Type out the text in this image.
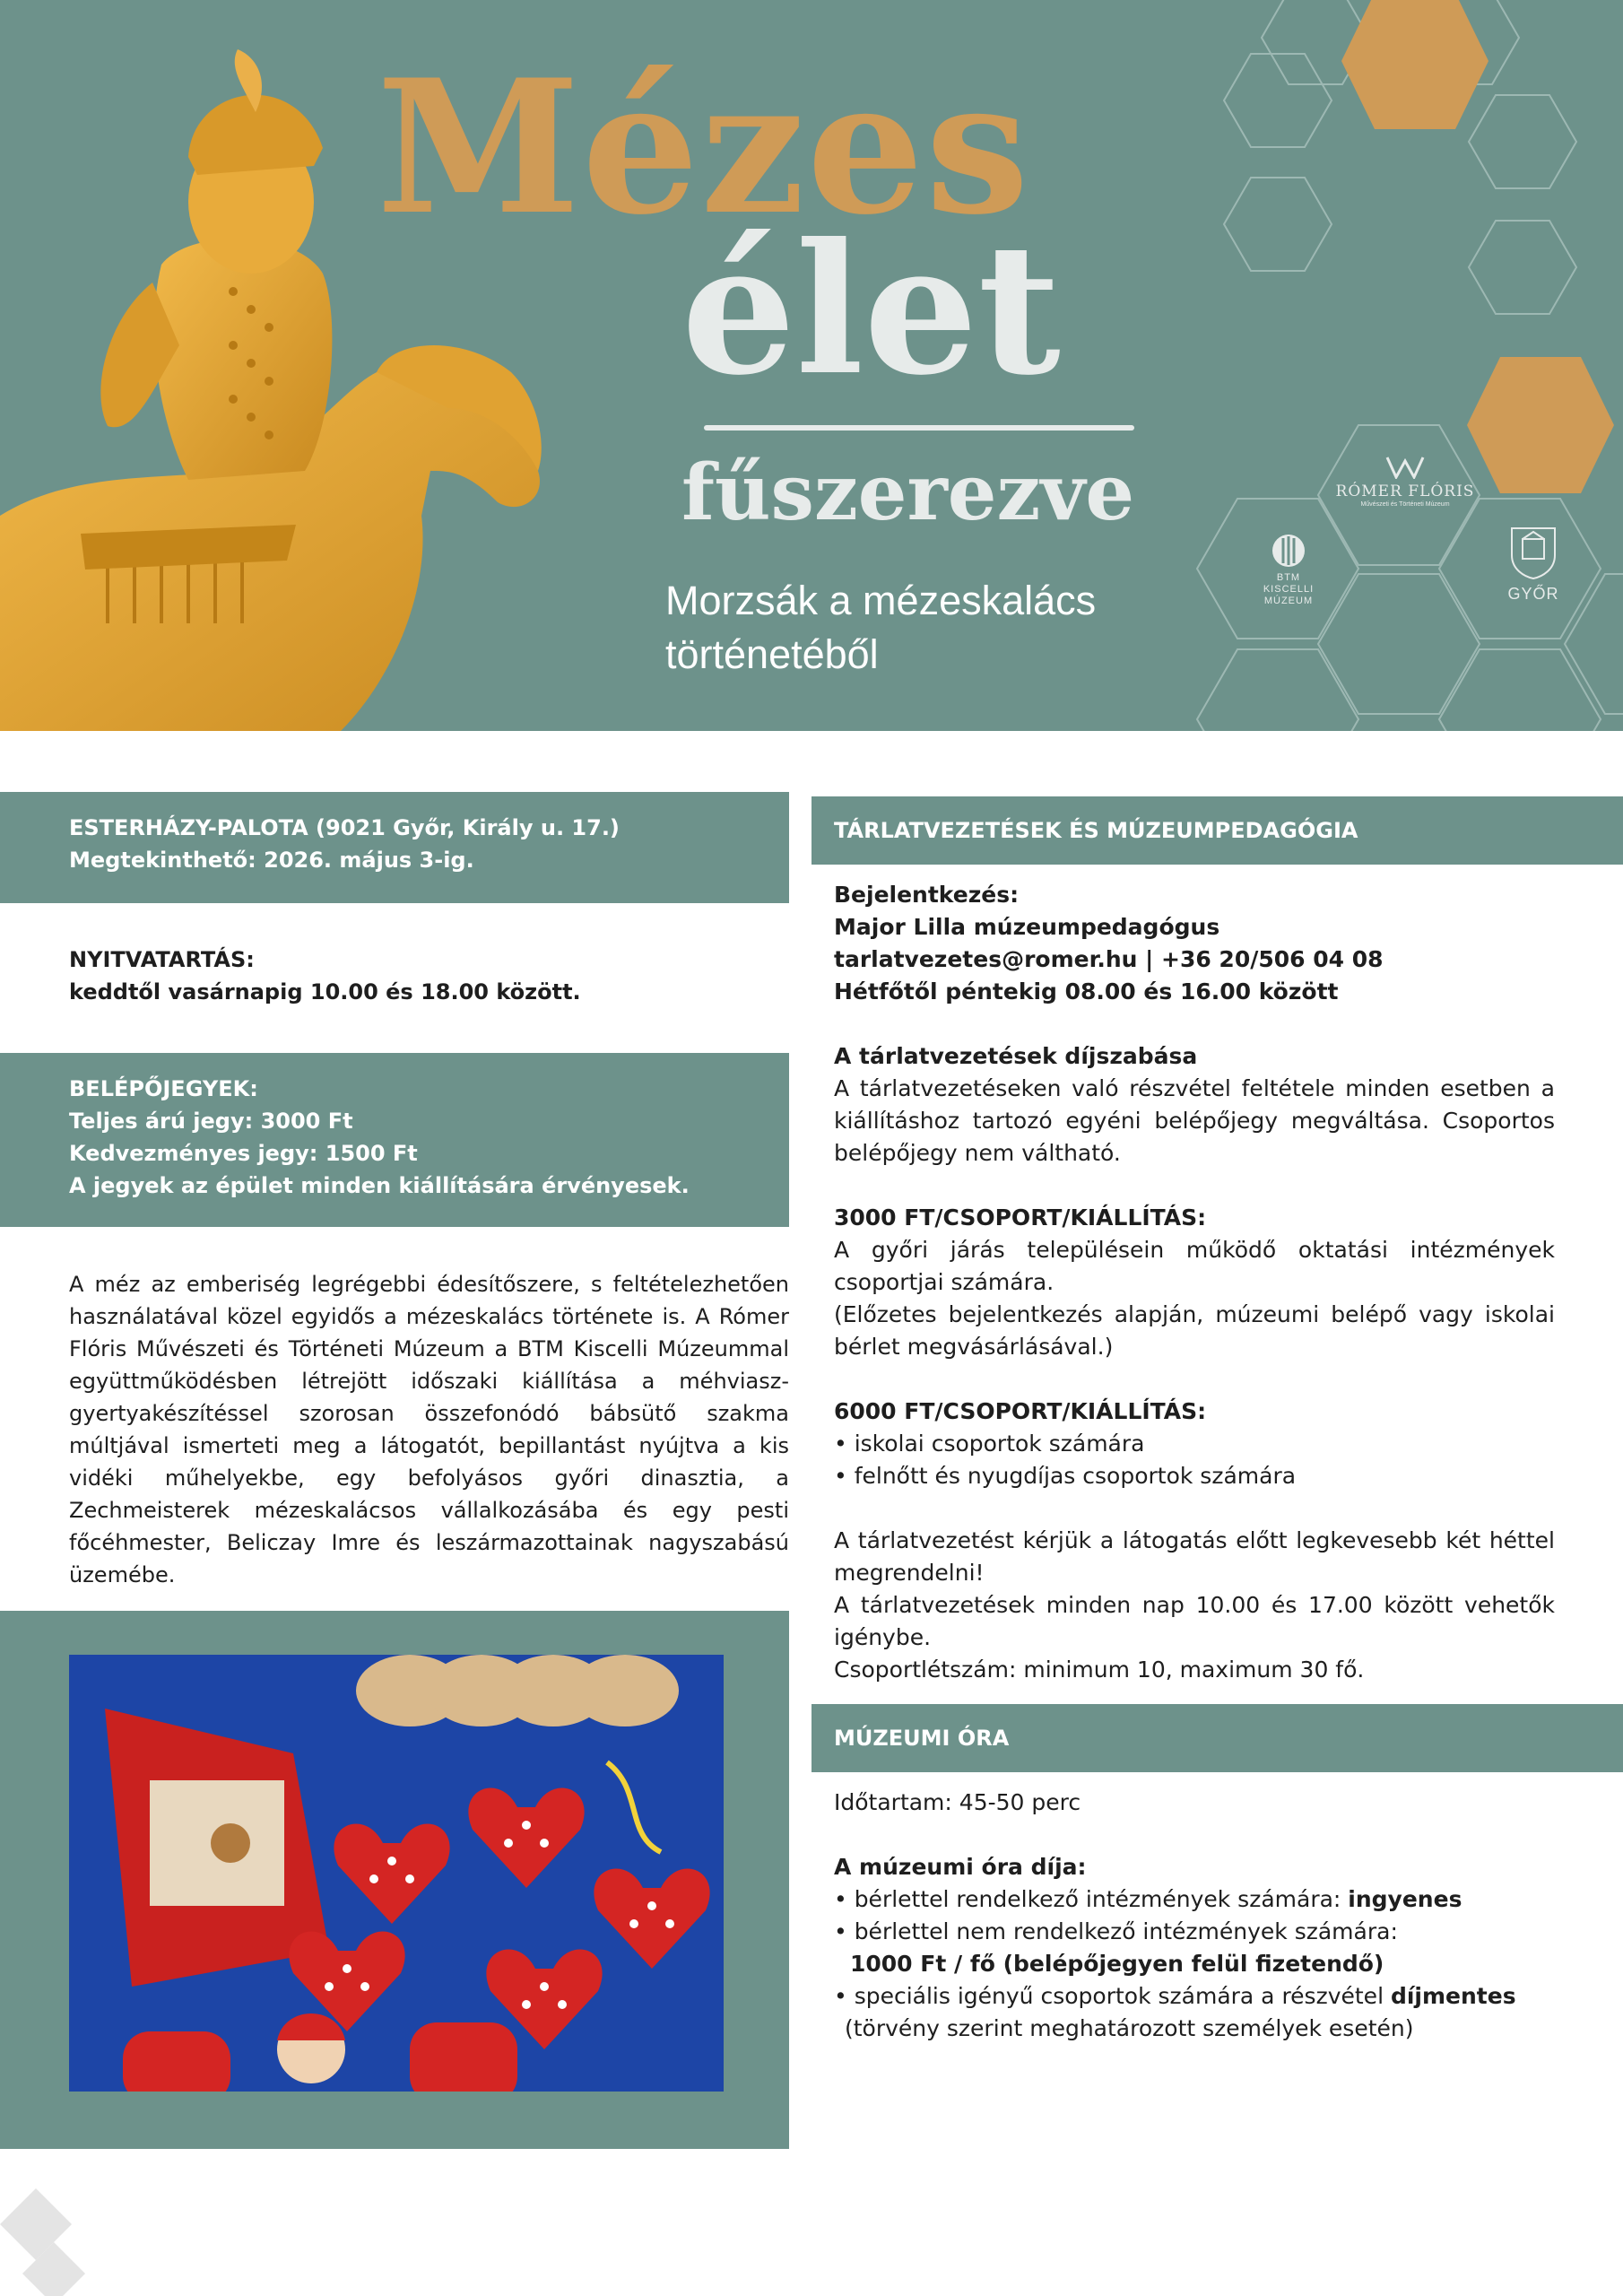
Mézes
élet
fűszerezve
Morzsák a mézeskalács
történetéből
RÓMER FLÓRIS
Művészeti és Történeti Múzeum
BTM
KISCELLI
MÚZEUM	GYŐR
ESTERHÁZY-PALOTA (9021 Győr, Király u. 17.)
Megtekinthető: 2026. május 3-ig.
NYITVATARTÁS:
keddtől vasárnapig 10.00 és 18.00 között.
BELÉPŐJEGYEK:
Teljes árú jegy: 3000 Ft
Kedvezményes jegy: 1500 Ft
A jegyek az épület minden kiállítására érvényesek.

A méz az emberiség legrégebbi édesítőszere, s feltételezhetően használatával közel egyidős a mézeskalács története is. A Rómer Flóris Művészeti és Történeti Múzeum a BTM Kiscelli Múzeummal együttműködésben létrejött időszaki kiállítása a méhviasz-gyertyakészítéssel szorosan összefonódó bábsütő szakma múltjával ismerteti meg a látogatót, bepillantást nyújtva a kis vidéki műhelyekbe, egy befolyásos győri dinasztia, a Zechmeisterek mézeskalácsos vállalkozásába és egy pesti főcéhmester, Beliczay Imre és leszármazottainak nagyszabású üzemébe.

TÁRLATVEZETÉSEK ÉS MÚZEUMPEDAGÓGIA
Bejelentkezés:
Major Lilla múzeumpedagógus
tarlatvezetes@romer.hu | +36 20/506 04 08
Hétfőtől péntekig 08.00 és 16.00 között
A tárlatvezetések díjszabása

A tárlatvezetéseken való részvétel feltétele minden esetben a kiállításhoz tartozó egyéni belépőjegy megváltása. Csoportos belépőjegy nem váltható.

3000 FT/CSOPORT/KIÁLLÍTÁS:

A győri járás településein működő oktatási intézmények csoportjai számára.

(Előzetes bejelentkezés alapján, múzeumi belépő vagy iskolai bérlet megvásárlásával.)

6000 FT/CSOPORT/KIÁLLÍTÁS:
• iskolai csoportok számára
• felnőtt és nyugdíjas csoportok számára

A tárlatvezetést kérjük a látogatás előtt legkevesebb két héttel megrendelni!

A tárlatvezetések minden nap 10.00 és 17.00 között vehetők igénybe.

Csoportlétszám: minimum 10, maximum 30 fő.
MÚZEUMI ÓRA
Időtartam: 45-50 perc
A múzeumi óra díja:
• bérlettel rendelkező intézmények számára: ingyenes
• bérlettel nem rendelkező intézmények számára:
1000 Ft / fő (belépőjegyen felül fizetendő)
• speciális igényű csoportok számára a részvétel díjmentes
(törvény szerint meghatározott személyek esetén)
